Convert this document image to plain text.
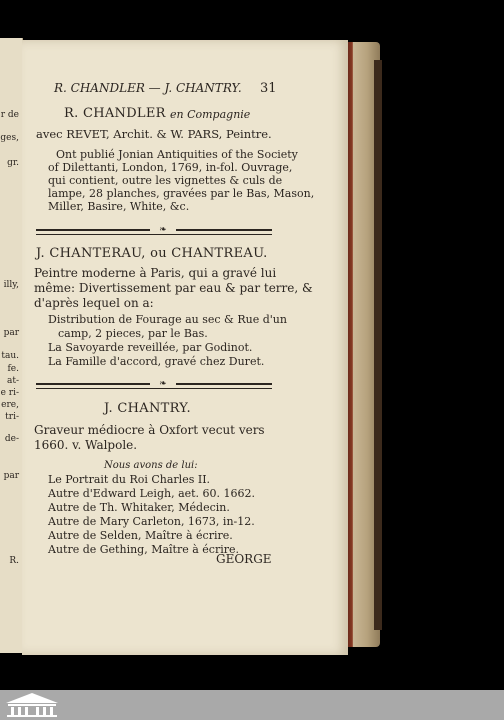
r de
ges,
gr.
illy,
par
tau.
fe.
at-
e ri-
ere,
tri-
de-
par
R.
R. CHANDLER — J. CHANTRY. 31
R. CHANDLER en Compagnie
avec REVET, Archit. & W. PARS, Peintre.
Ont publié Jonian Antiquities of the Society
of Dilettanti, London, 1769, in-fol. Ouvrage,
qui contient, outre les vignettes & culs de
lampe, 28 planches, gravées par le Bas, Mason,
Miller, Basire, White, &c.
❧
J. CHANTERAU, ou CHANTREAU.
Peintre moderne à Paris, qui a gravé lui
même: Divertissement par eau & par terre, &
d'après lequel on a:
Distribution de Fourage au sec & Rue d'un
camp, 2 pieces, par le Bas.
La Savoyarde reveillée, par Godinot.
La Famille d'accord, gravé chez Duret.
❧
J. CHANTRY.
Graveur médiocre à Oxfort vecut vers
1660. v. Walpole.
Nous avons de lui:
Le Portrait du Roi Charles II.
Autre d'Edward Leigh, aet. 60. 1662.
Autre de Th. Whitaker, Médecin.
Autre de Mary Carleton, 1673, in-12.
Autre de Selden, Maître à écrire.
Autre de Gething, Maître à écrire.
GEORGE
